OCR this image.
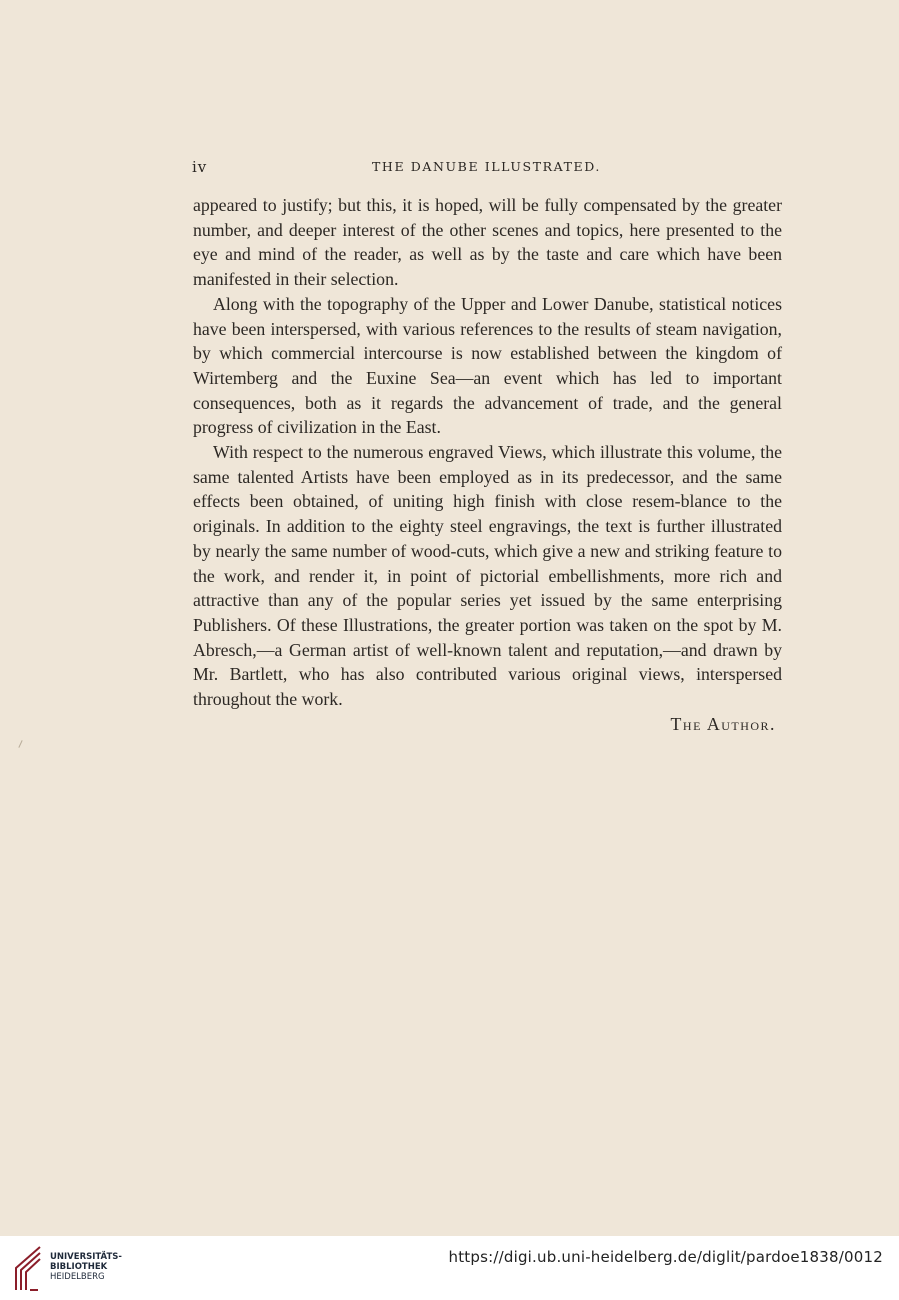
iv	THE DANUBE ILLUSTRATED.

appeared to justify; but this, it is hoped, will be fully compensated by the greater number, and deeper interest of the other scenes and topics, here presented to the eye and mind of the reader, as well as by the taste and care which have been manifested in their selection.

Along with the topography of the Upper and Lower Danube, statistical notices have been interspersed, with various references to the results of steam navigation, by which commercial intercourse is now established between the kingdom of Wirtemberg and the Euxine Sea—an event which has led to important consequences, both as it regards the advancement of trade, and the general progress of civilization in the East.

With respect to the numerous engraved Views, which illustrate this volume, the same talented Artists have been employed as in its predecessor, and the same effects been obtained, of uniting high finish with close resem-blance to the originals. In addition to the eighty steel engravings, the text is further illustrated by nearly the same number of wood-cuts, which give a new and striking feature to the work, and render it, in point of pictorial embellishments, more rich and attractive than any of the popular series yet issued by the same enterprising Publishers. Of these Illustrations, the greater portion was taken on the spot by M. Abresch,—a German artist of well-known talent and reputation,—and drawn by Mr. Bartlett, who has also contributed various original views, interspersed throughout the work.

The Author.

UNIVERSITÄTS-
BIBLIOTHEK
HEIDELBERG
https://digi.ub.uni-heidelberg.de/diglit/pardoe1838/0012
